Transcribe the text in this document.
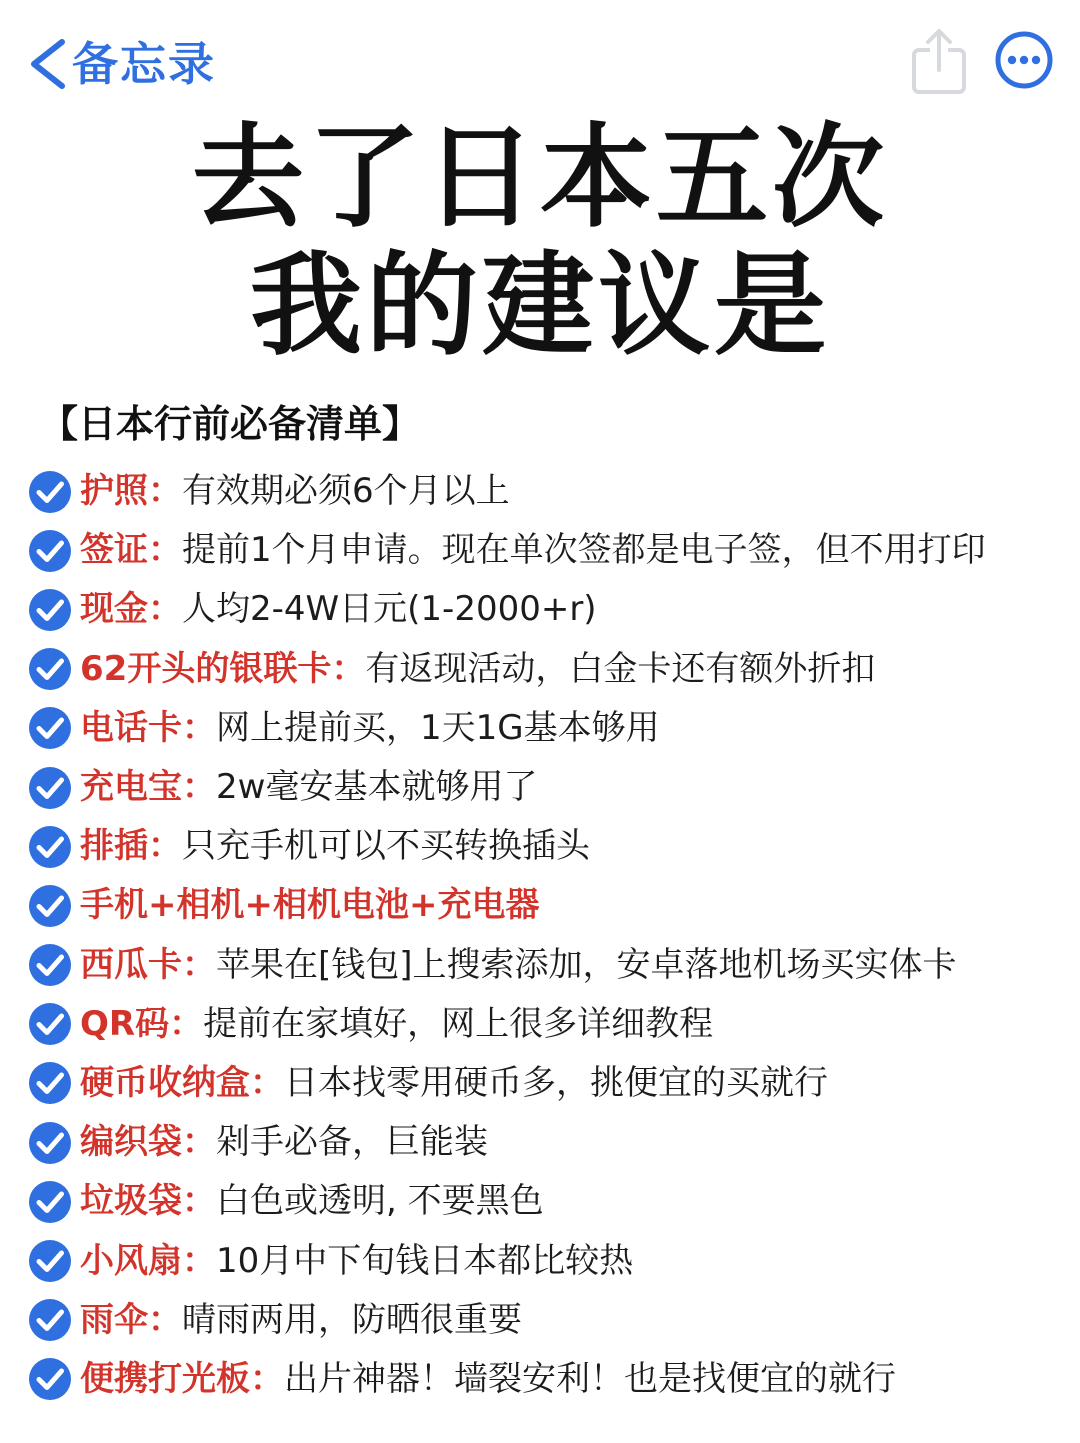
备忘录
去了日本五次
我的建议是
【日本行前必备清单】
护照 ： 有效期必须6个月以上
签证 ： 提前1个月申请。现在单次签都是电子签，但不用打印
现金 ： 人均2-4W日元(1-2000+r)
62开头的银联卡 ： 有返现活动，白金卡还有额外折扣
电话卡 ： 网上提前买，1天1G基本够用
充电宝 ： 2w毫安基本就够用了
排插 ： 只充手机可以不买转换插头
手机+相机+相机电池+充电器
西瓜卡 ： 苹果在[钱包]上搜索添加，安卓落地机场买实体卡
QR码 ： 提前在家填好，网上很多详细教程
硬币收纳盒 ： 日本找零用硬币多，挑便宜的买就行
编织袋 ： 剁手必备，巨能装
垃圾袋 ： 白色或透明, 不要黑色
小风扇 ： 10月中下旬钱日本都比较热
雨伞 ： 晴雨两用，防晒很重要
便携打光板 ： 出片神器！墙裂安利！也是找便宜的就行
